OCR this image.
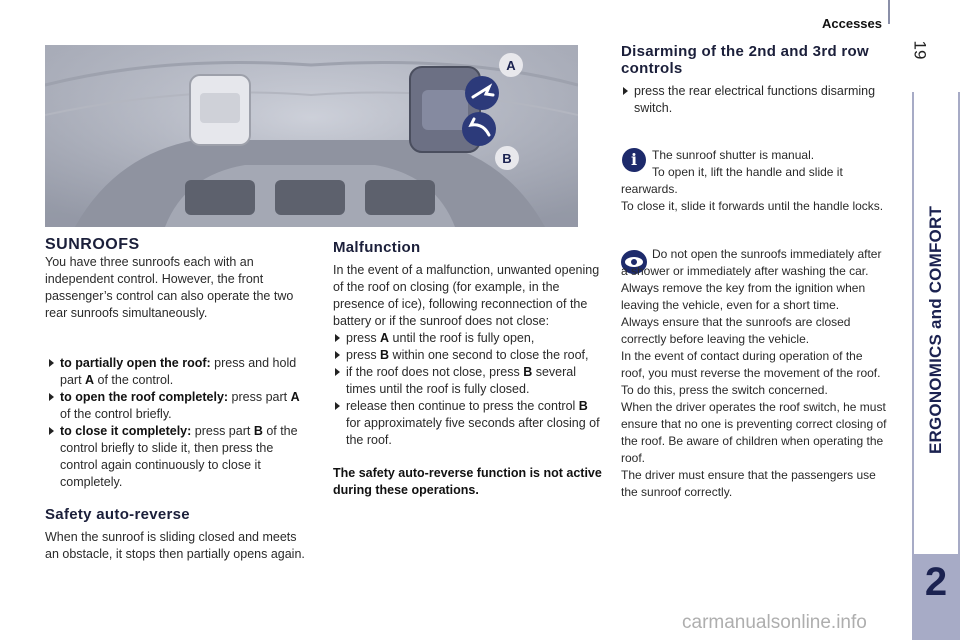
Accesses
19
ERGONOMICS and COMFORT
2
A
B
SUNROOFS

You have three sunroofs each with an independent control. However, the front passenger’s control can also operate the two rear sunroofs simultaneously.

to partially open the roof: press and hold part A of the control.
to open the roof completely: press part A of the control briefly.
to close it completely: press part B of the control briefly to slide it, then press the control again continuously to close it completely.
Safety auto-reverse

When the sunroof is sliding closed and meets an obstacle, it stops then partially opens again.

Malfunction

In the event of a malfunction, unwanted opening of the roof on closing (for example, in the presence of ice), following reconnection of the battery or if the sunroof does not close:

press A until the roof is fully open,
press B within one second to close the roof,
if the roof does not close, press B several times until the roof is fully closed.
release then continue to press the control B for approximately five seconds after closing of the roof.

The safety auto-reverse function is not active during these operations.

Disarming of the 2nd and 3rd row controls
press the rear electrical functions disarming switch.
i	The sunroof shutter is manual.

To open it, lift the handle and slide it rearwards.

To close it, slide it forwards until the handle locks.

Do not open the sunroofs immediately after a shower or immediately after washing the car.

Always remove the key from the ignition when leaving the vehicle, even for a short time.

Always ensure that the sunroofs are closed correctly before leaving the vehicle.

In the event of contact during operation of the roof, you must reverse the movement of the roof. To do this, press the switch concerned.

When the driver operates the roof switch, he must ensure that no one is preventing correct closing of the roof. Be aware of children when operating the roof.

The driver must ensure that the passengers use the sunroof correctly.

carmanualsonline.info
